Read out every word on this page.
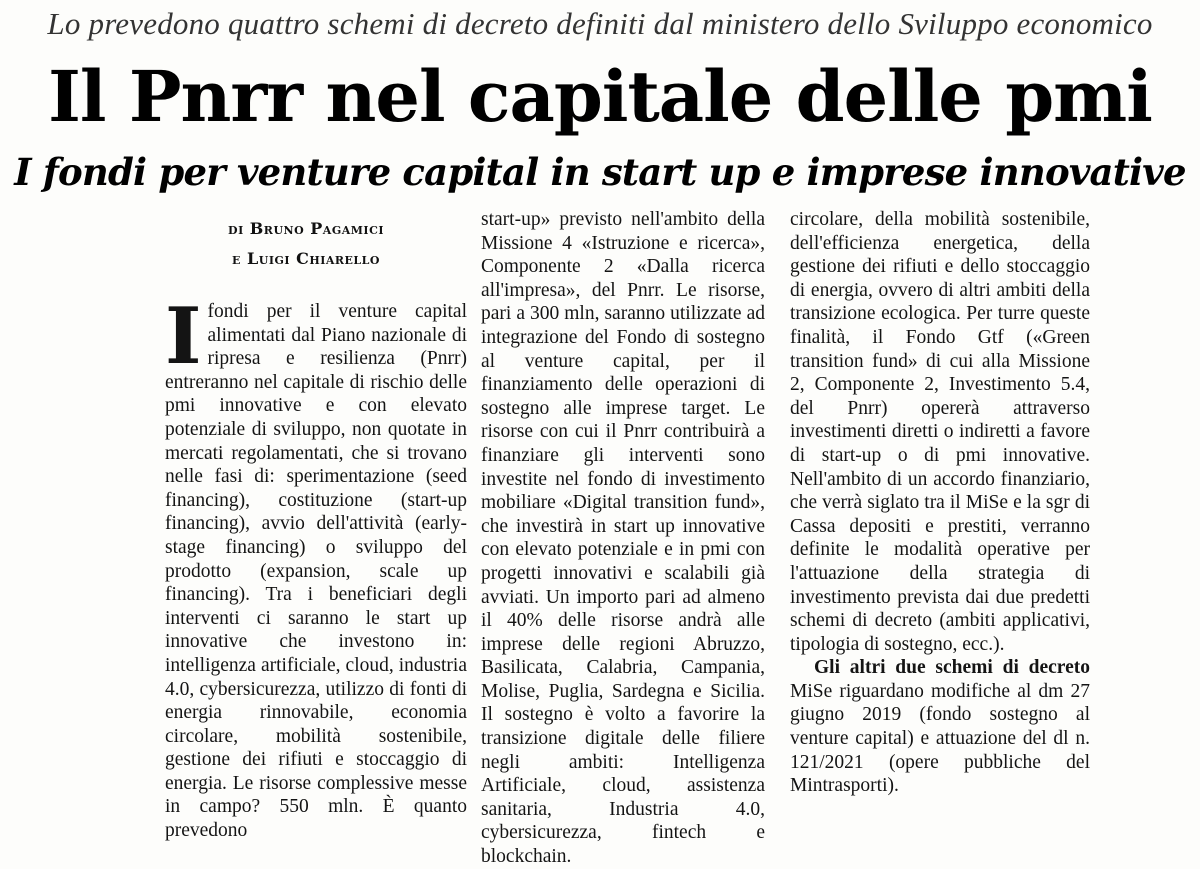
Lo prevedono quattro schemi di decreto definiti dal ministero dello Sviluppo economico
Il Pnrr nel capitale delle pmi
I fondi per venture capital in start up e imprese innovative
di Bruno Pagamici
e Luigi Chiarello

Ifondi per il venture capital alimentati dal Piano nazionale di ripresa e resilienza (Pnrr) entreranno nel capitale di rischio delle pmi innovative e con elevato potenziale di sviluppo, non quotate in mercati regolamentati, che si trovano nelle fasi di: sperimentazione (seed financing), costituzione (start-up financing), avvio dell'attività (early-stage financing) o sviluppo del prodotto (expansion, scale up financing). Tra i beneficiari degli interventi ci saranno le start up innovative che investono in: intelligenza artificiale, cloud, industria 4.0, cybersicurezza, utilizzo di fonti di energia rinnovabile, economia circolare, mobilità sostenibile, gestione dei rifiuti e stoccaggio di energia. Le risorse complessive messe in campo? 550 mln. È quanto prevedono

start-up» previsto nell'ambito della Missione 4 «Istruzione e ricerca», Componente 2 «Dalla ricerca all'impresa», del Pnrr. Le risorse, pari a 300 mln, saranno utilizzate ad integrazione del Fondo di sostegno al venture capital, per il finanziamento delle operazioni di sostegno alle imprese target. Le risorse con cui il Pnrr contribuirà a finanziare gli interventi sono investite nel fondo di investimento mobiliare «Digital transition fund», che investirà in start up innovative con elevato potenziale e in pmi con progetti innovativi e scalabili già avviati. Un importo pari ad almeno il 40% delle risorse andrà alle imprese delle regioni Abruzzo, Basilicata, Calabria, Campania, Molise, Puglia, Sardegna e Sicilia. Il sostegno è volto a favorire la transizione digitale delle filiere negli ambiti: Intelligenza Artificiale, cloud, assistenza sanitaria, Industria 4.0, cybersicurezza, fintech e blockchain.

circolare, della mobilità sostenibile, dell'efficienza energetica, della gestione dei rifiuti e dello stoccaggio di energia, ovvero di altri ambiti della transizione ecologica. Per turre queste finalità, il Fondo Gtf («Green transition fund» di cui alla Missione 2, Componente 2, Investimento 5.4, del Pnrr) opererà attraverso investimenti diretti o indiretti a favore di start-up o di pmi innovative. Nell'ambito di un accordo finanziario, che verrà siglato tra il MiSe e la sgr di Cassa depositi e prestiti, verranno definite le modalità operative per l'attuazione della strategia di investimento prevista dai due predetti schemi di decreto (ambiti applicativi, tipologia di sostegno, ecc.).

Gli altri due schemi di decreto MiSe riguardano modifiche al dm 27 giugno 2019 (fondo sostegno al venture capital) e attuazione del dl n. 121/2021 (opere pubbliche del Mintrasporti).
